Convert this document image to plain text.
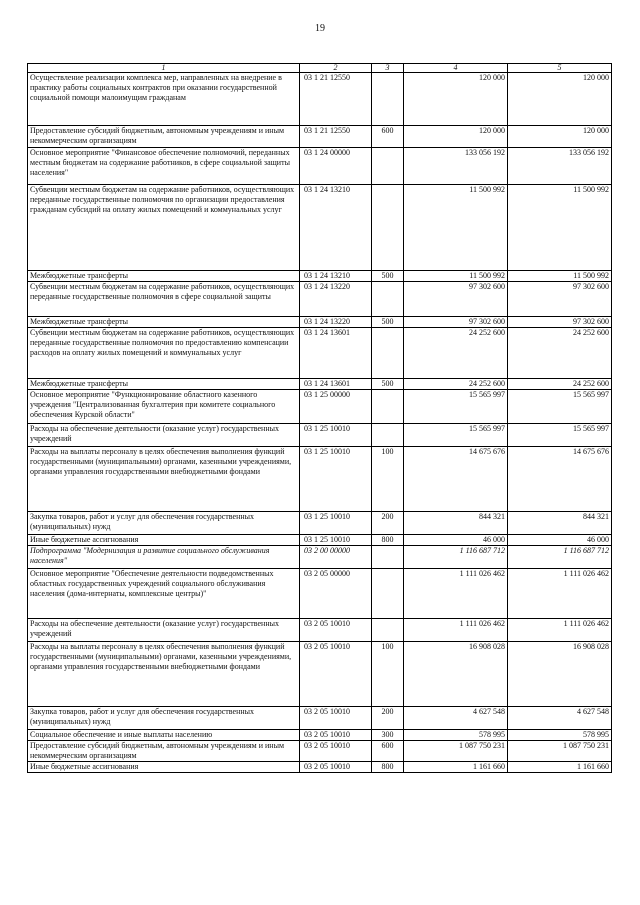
19
1	2	3	4	5
Осуществление реализации комплекса мер, направленных на внедрение в практику работы социальных контрактов при оказании государственной социальной помощи малоимущим гражданам	03 1 21 12550		120 000	120 000
Предоставление субсидий бюджетным, автономным учреждениям и иным некоммерческим организациям	03 1 21 12550	600	120 000	120 000
Основное мероприятие "Финансовое обеспечение полномочий, переданных местным бюджетам на содержание работников, в сфере социальной защиты населения"	03 1 24 00000		133 056 192	133 056 192
Субвенции местным бюджетам на содержание работников, осуществляющих переданные государственные полномочия по организации предоставления гражданам субсидий на оплату жилых помещений и коммунальных услуг	03 1 24 13210		11 500 992	11 500 992
Межбюджетные трансферты	03 1 24 13210	500	11 500 992	11 500 992
Субвенции местным бюджетам на содержание работников, осуществляющих переданные государственные полномочия в сфере социальной защиты	03 1 24 13220		97 302 600	97 302 600
Межбюджетные трансферты	03 1 24 13220	500	97 302 600	97 302 600
Субвенции местным бюджетам на содержание работников, осуществляющих переданные государственные полномочия по предоставлению компенсации расходов на оплату жилых помещений и коммунальных услуг	03 1 24 13601		24 252 600	24 252 600
Межбюджетные трансферты	03 1 24 13601	500	24 252 600	24 252 600
Основное мероприятие "Функционирование областного казенного учреждения "Централизованная бухгалтерия при комитете социального обеспечения Курской области"	03 1 25 00000		15 565 997	15 565 997
Расходы на обеспечение деятельности (оказание услуг) государственных учреждений	03 1 25 10010		15 565 997	15 565 997
Расходы на выплаты персоналу в целях обеспечения выполнения функций государственными (муниципальными) органами, казенными учреждениями, органами управления государственными внебюджетными фондами	03 1 25 10010	100	14 675 676	14 675 676
Закупка товаров, работ и услуг для обеспечения государственных (муниципальных) нужд	03 1 25 10010	200	844 321	844 321
Иные бюджетные ассигнования	03 1 25 10010	800	46 000	46 000
Подпрограмма "Модернизация и развитие социального обслуживания населения"	03 2 00 00000		1 116 687 712	1 116 687 712
Основное мероприятие "Обеспечение деятельности подведомственных областных государственных учреждений социального обслуживания населения (дома-интернаты, комплексные центры)"	03 2 05 00000		1 111 026 462	1 111 026 462
Расходы на обеспечение деятельности (оказание услуг) государственных учреждений	03 2 05 10010		1 111 026 462	1 111 026 462
Расходы на выплаты персоналу в целях обеспечения выполнения функций государственными (муниципальными) органами, казенными учреждениями, органами управления государственными внебюджетными фондами	03 2 05 10010	100	16 908 028	16 908 028
Закупка товаров, работ и услуг для обеспечения государственных (муниципальных) нужд	03 2 05 10010	200	4 627 548	4 627 548
Социальное обеспечение и иные выплаты населению	03 2 05 10010	300	578 995	578 995
Предоставление субсидий бюджетным, автономным учреждениям и иным некоммерческим организациям	03 2 05 10010	600	1 087 750 231	1 087 750 231
Иные бюджетные ассигнования	03 2 05 10010	800	1 161 660	1 161 660
